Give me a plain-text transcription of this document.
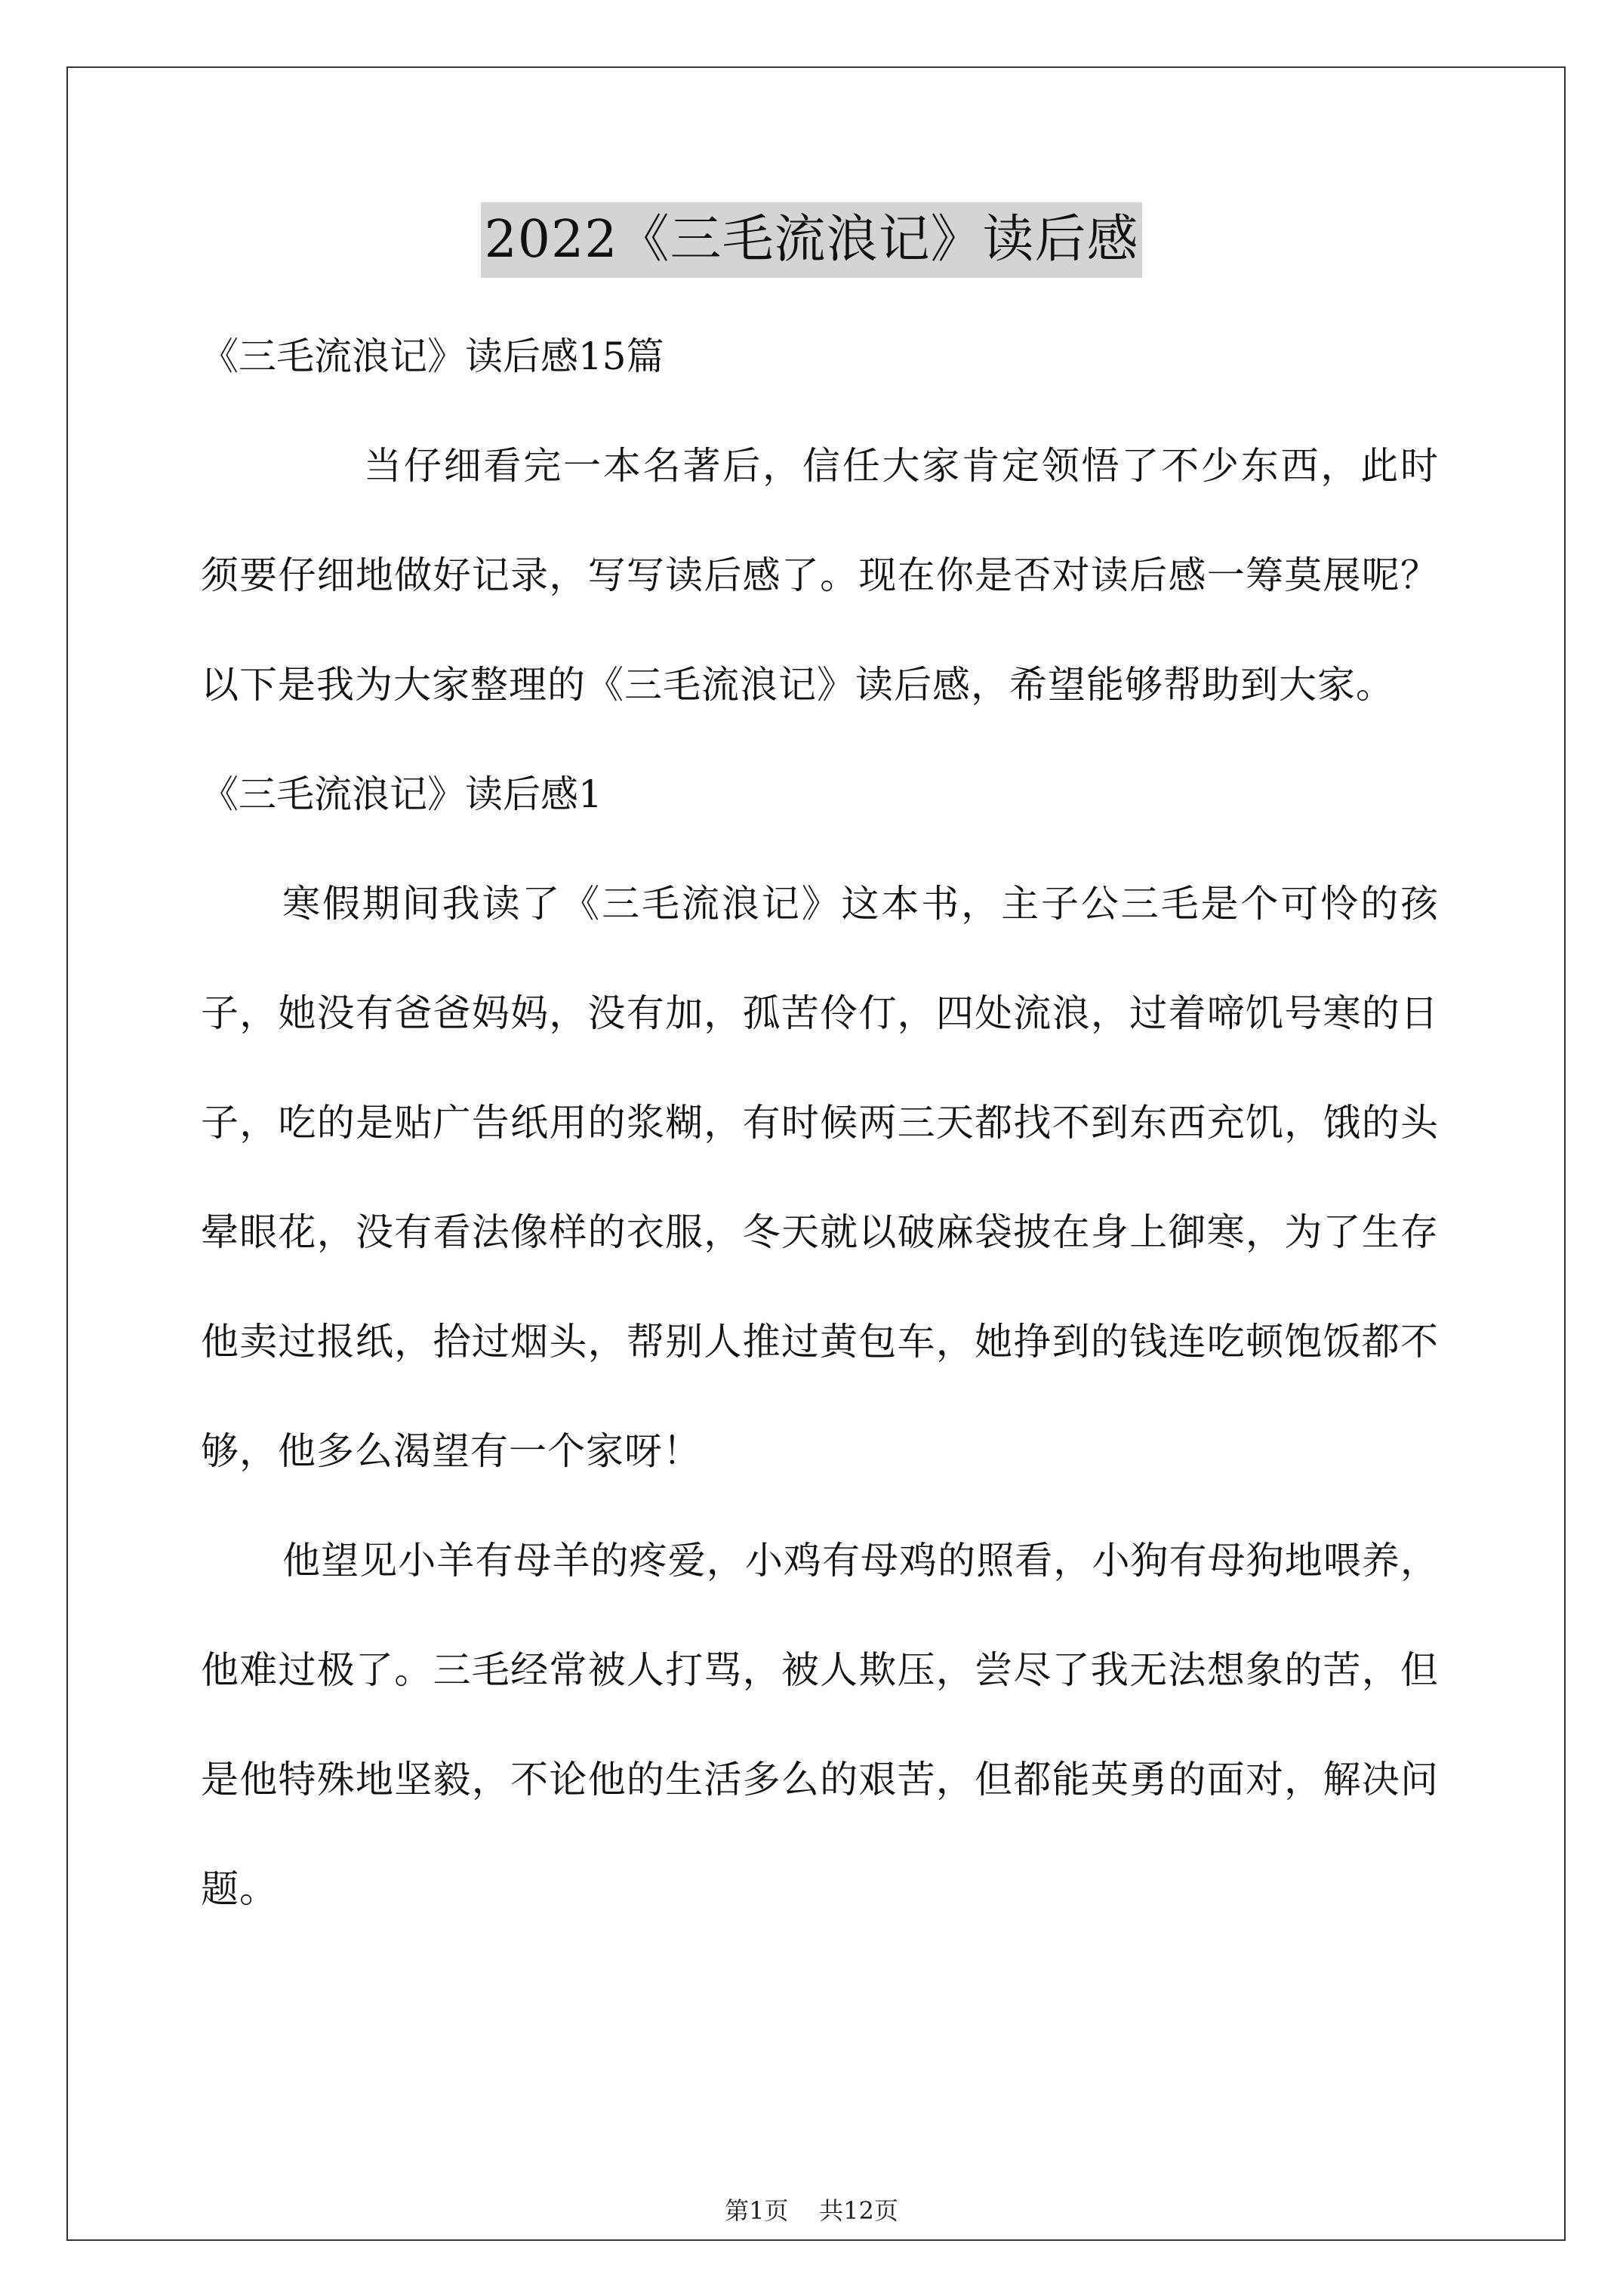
2022《三毛流浪记》读后感

《三毛流浪记》读后感15篇

当仔细看完一本名著后，信任大家肯定领悟了不少东西，此时须要仔细地做好记录，写写读后感了。现在你是否对读后感一筹莫展呢？以下是我为大家整理的《三毛流浪记》读后感，希望能够帮助到大家。

《三毛流浪记》读后感1

寒假期间我读了《三毛流浪记》这本书，主子公三毛是个可怜的孩子，她没有爸爸妈妈，没有加，孤苦伶仃，四处流浪，过着啼饥号寒的日子，吃的是贴广告纸用的浆糊，有时候两三天都找不到东西充饥，饿的头晕眼花，没有看法像样的衣服，冬天就以破麻袋披在身上御寒，为了生存他卖过报纸，拾过烟头，帮别人推过黄包车，她挣到的钱连吃顿饱饭都不够，他多么渴望有一个家呀！

他望见小羊有母羊的疼爱，小鸡有母鸡的照看，小狗有母狗地喂养，他难过极了。三毛经常被人打骂，被人欺压，尝尽了我无法想象的苦，但是他特殊地坚毅，不论他的生活多么的艰苦，但都能英勇的面对，解决问题。

第1页 共12页
